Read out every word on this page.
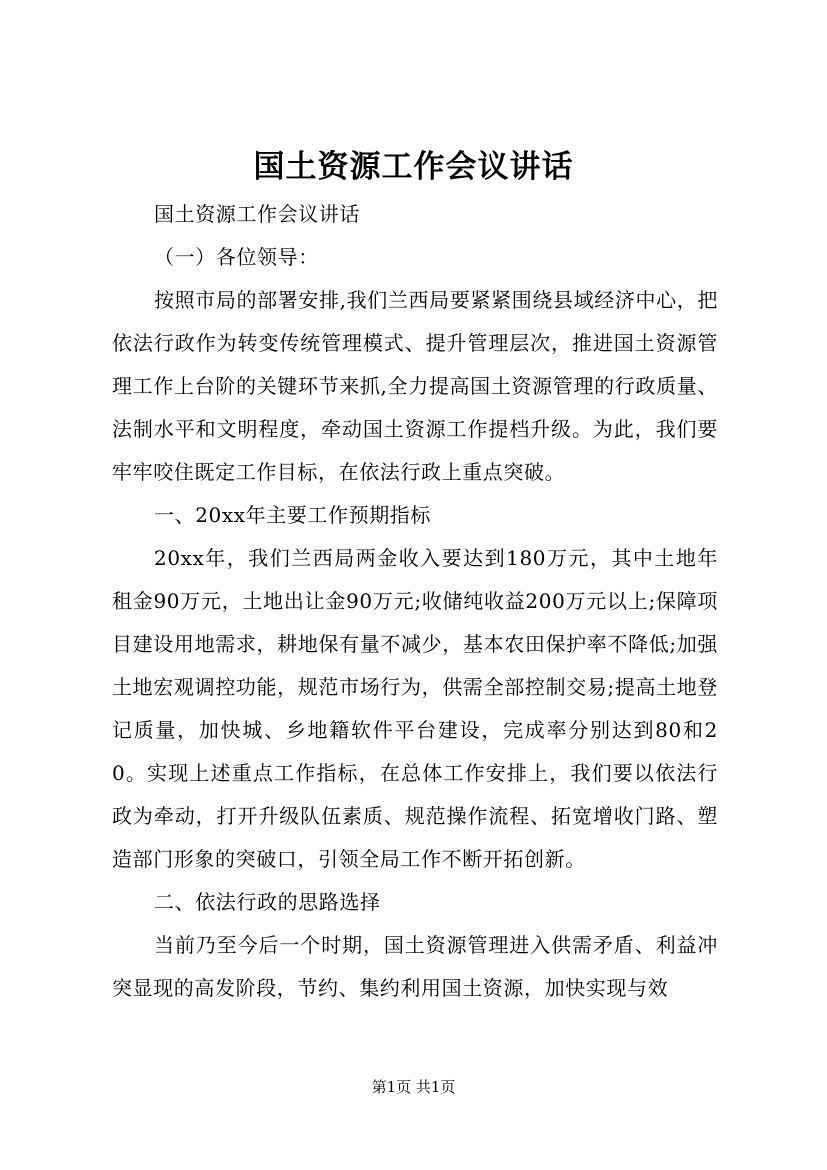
国土资源工作会议讲话

国土资源工作会议讲话

（一）各位领导：

按照市局的部署安排,我们兰西局要紧紧围绕县域经济中心，把依法行政作为转变传统管理模式、提升管理层次，推进国土资源管理工作上台阶的关键环节来抓,全力提高国土资源管理的行政质量、法制水平和文明程度，牵动国土资源工作提档升级。为此，我们要牢牢咬住既定工作目标，在依法行政上重点突破。

一、20xx年主要工作预期指标

20xx年，我们兰西局两金收入要达到180万元，其中土地年租金90万元，土地出让金90万元;收储纯收益200万元以上;保障项目建设用地需求，耕地保有量不减少，基本农田保护率不降低;加强土地宏观调控功能，规范市场行为，供需全部控制交易;提高土地登记质量，加快城、乡地籍软件平台建设，完成率分别达到80和20。实现上述重点工作指标，在总体工作安排上，我们要以依法行政为牵动，打开升级队伍素质、规范操作流程、拓宽增收门路、塑造部门形象的突破口，引领全局工作不断开拓创新。

二、依法行政的思路选择

当前乃至今后一个时期，国土资源管理进入供需矛盾、利益冲突显现的高发阶段，节约、集约利用国土资源，加快实现与效

第1页 共1页
